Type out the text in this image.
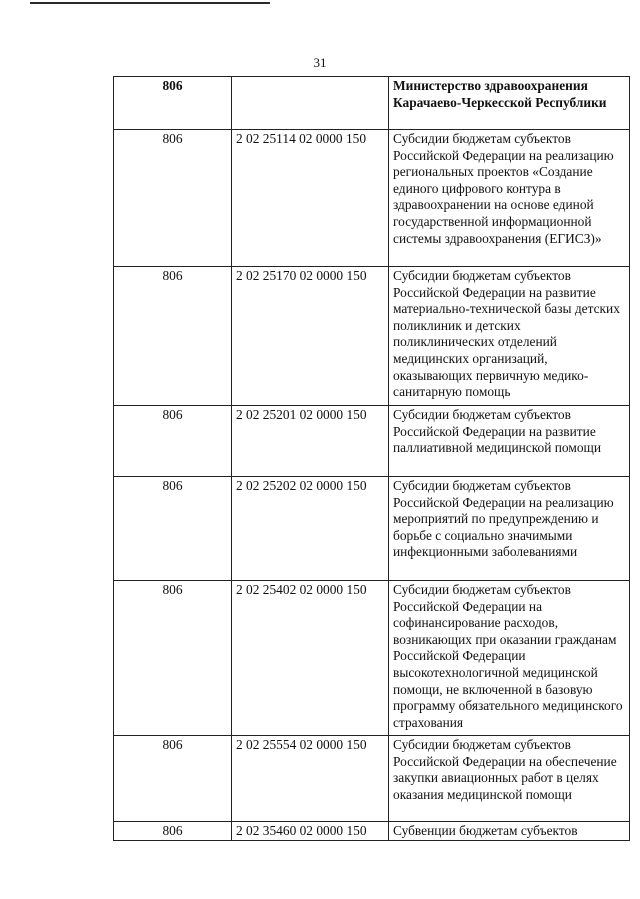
31
806		Министерство здравоохранения Карачаево-Черкесской Республики
806	2 02 25114 02 0000 150	Субсидии бюджетам субъектов Российской Федерации на реализацию региональных проектов «Создание единого цифрового контура в здравоохранении на основе единой государственной информационной системы здравоохранения (ЕГИСЗ)»
806	2 02 25170 02 0000 150	Субсидии бюджетам субъектов Российской Федерации на развитие материально-технической базы детских поликлиник и детских поликлинических отделений медицинских организаций, оказывающих первичную медико-санитарную помощь
806	2 02 25201 02 0000 150	Субсидии бюджетам субъектов Российской Федерации на развитие паллиативной медицинской помощи
806	2 02 25202 02 0000 150	Субсидии бюджетам субъектов Российской Федерации на реализацию мероприятий по предупреждению и борьбе с социально значимыми инфекционными заболеваниями
806	2 02 25402 02 0000 150	Субсидии бюджетам субъектов Российской Федерации на софинансирование расходов, возникающих при оказании гражданам Российской Федерации высокотехнологичной медицинской помощи, не включенной в базовую программу обязательного медицинского страхования
806	2 02 25554 02 0000 150	Субсидии бюджетам субъектов Российской Федерации на обеспечение закупки авиационных работ в целях оказания медицинской помощи
806	2 02 35460 02 0000 150	Субвенции бюджетам субъектов
